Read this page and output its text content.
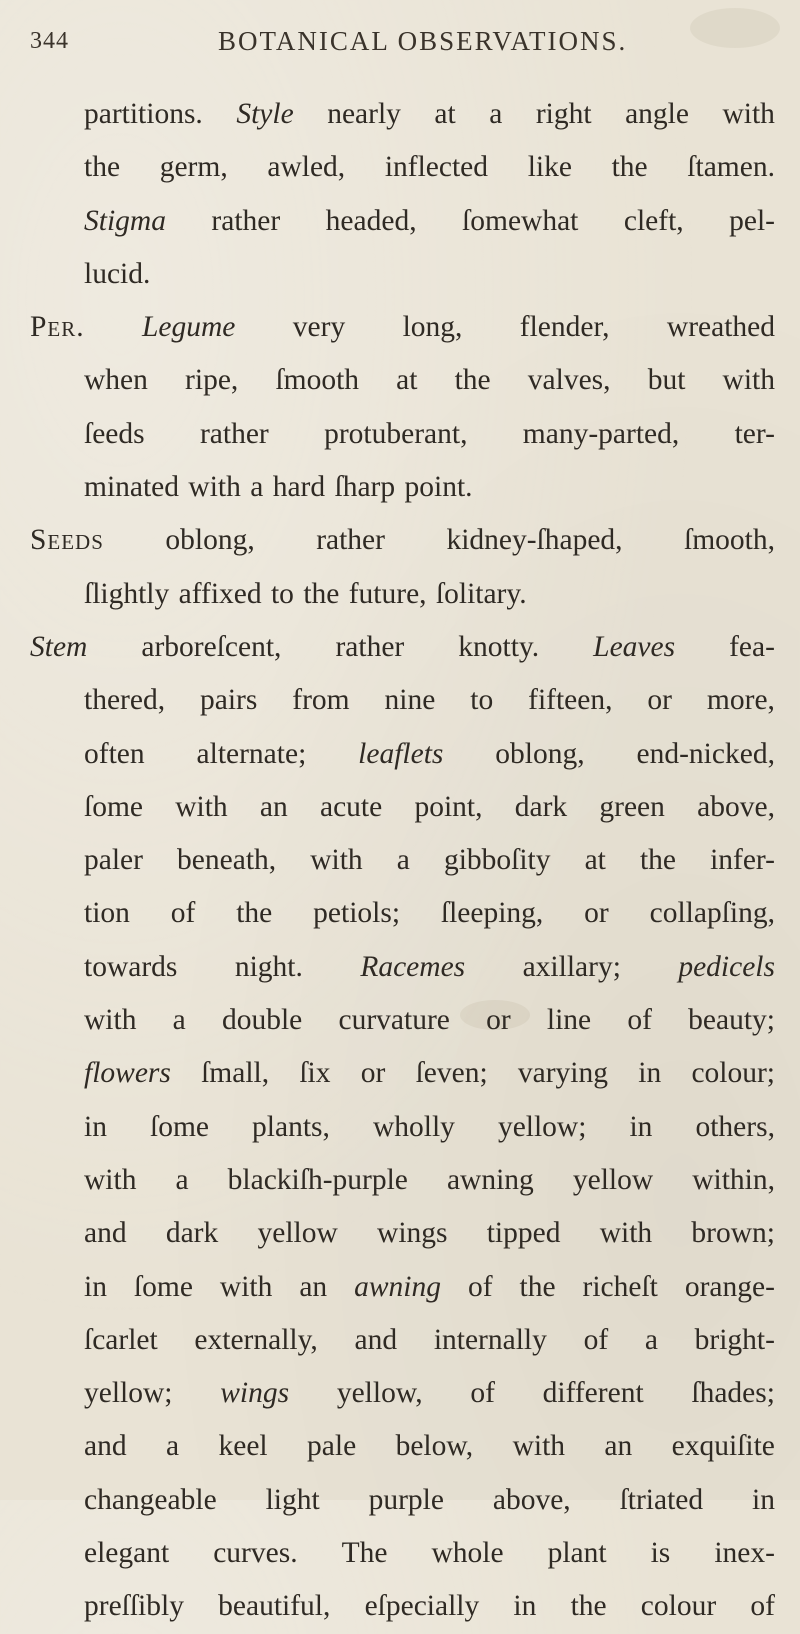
344	BOTANICAL OBSERVATIONS.
partitions. Style nearly at a right angle with
the germ, awled, infleсted like the ſtamen.
Stigma rather headed, ſomewhat cleft, pel-
lucid.
Per. Legume very long, flender, wreathed
when ripe, ſmooth at the valves, but with
ſeeds rather protuberant, many-parted, ter-
minated
with
a
hard
ſharp
point.
Seeds oblong, rather kidney-ſhaped, ſmooth,
ſlightly
affixed
to
the
future,
ſolitary.
Stem arboreſcent, rather knotty. Leaves fea-
thered, pairs from nine to fifteen, or more,
often alternate; leaflets oblong, end-nicked,
ſome with an acute point, dark green above,
paler beneath, with a gibboſity at the infer-
tion of the petiols; ſleeping, or collapſing,
towards night. Racemes axillary; pedicels
with a double curvature or line of beauty;
flowers ſmall, ſix or ſeven; varying in colour;
in ſome plants, wholly yellow; in others,
with a blackiſh-purple awning yellow within,
and dark yellow wings tipped with brown;
in ſome with an awning of the richeſt orange-
ſcarlet externally, and internally of a bright-
yellow; wings yellow, of different ſhades;
and a keel pale below, with an exquiſite
changeable light purple above, ſtriated in
elegant curves. The whole plant is inex-
preſſibly beautiful, eſpecially in the colour of
